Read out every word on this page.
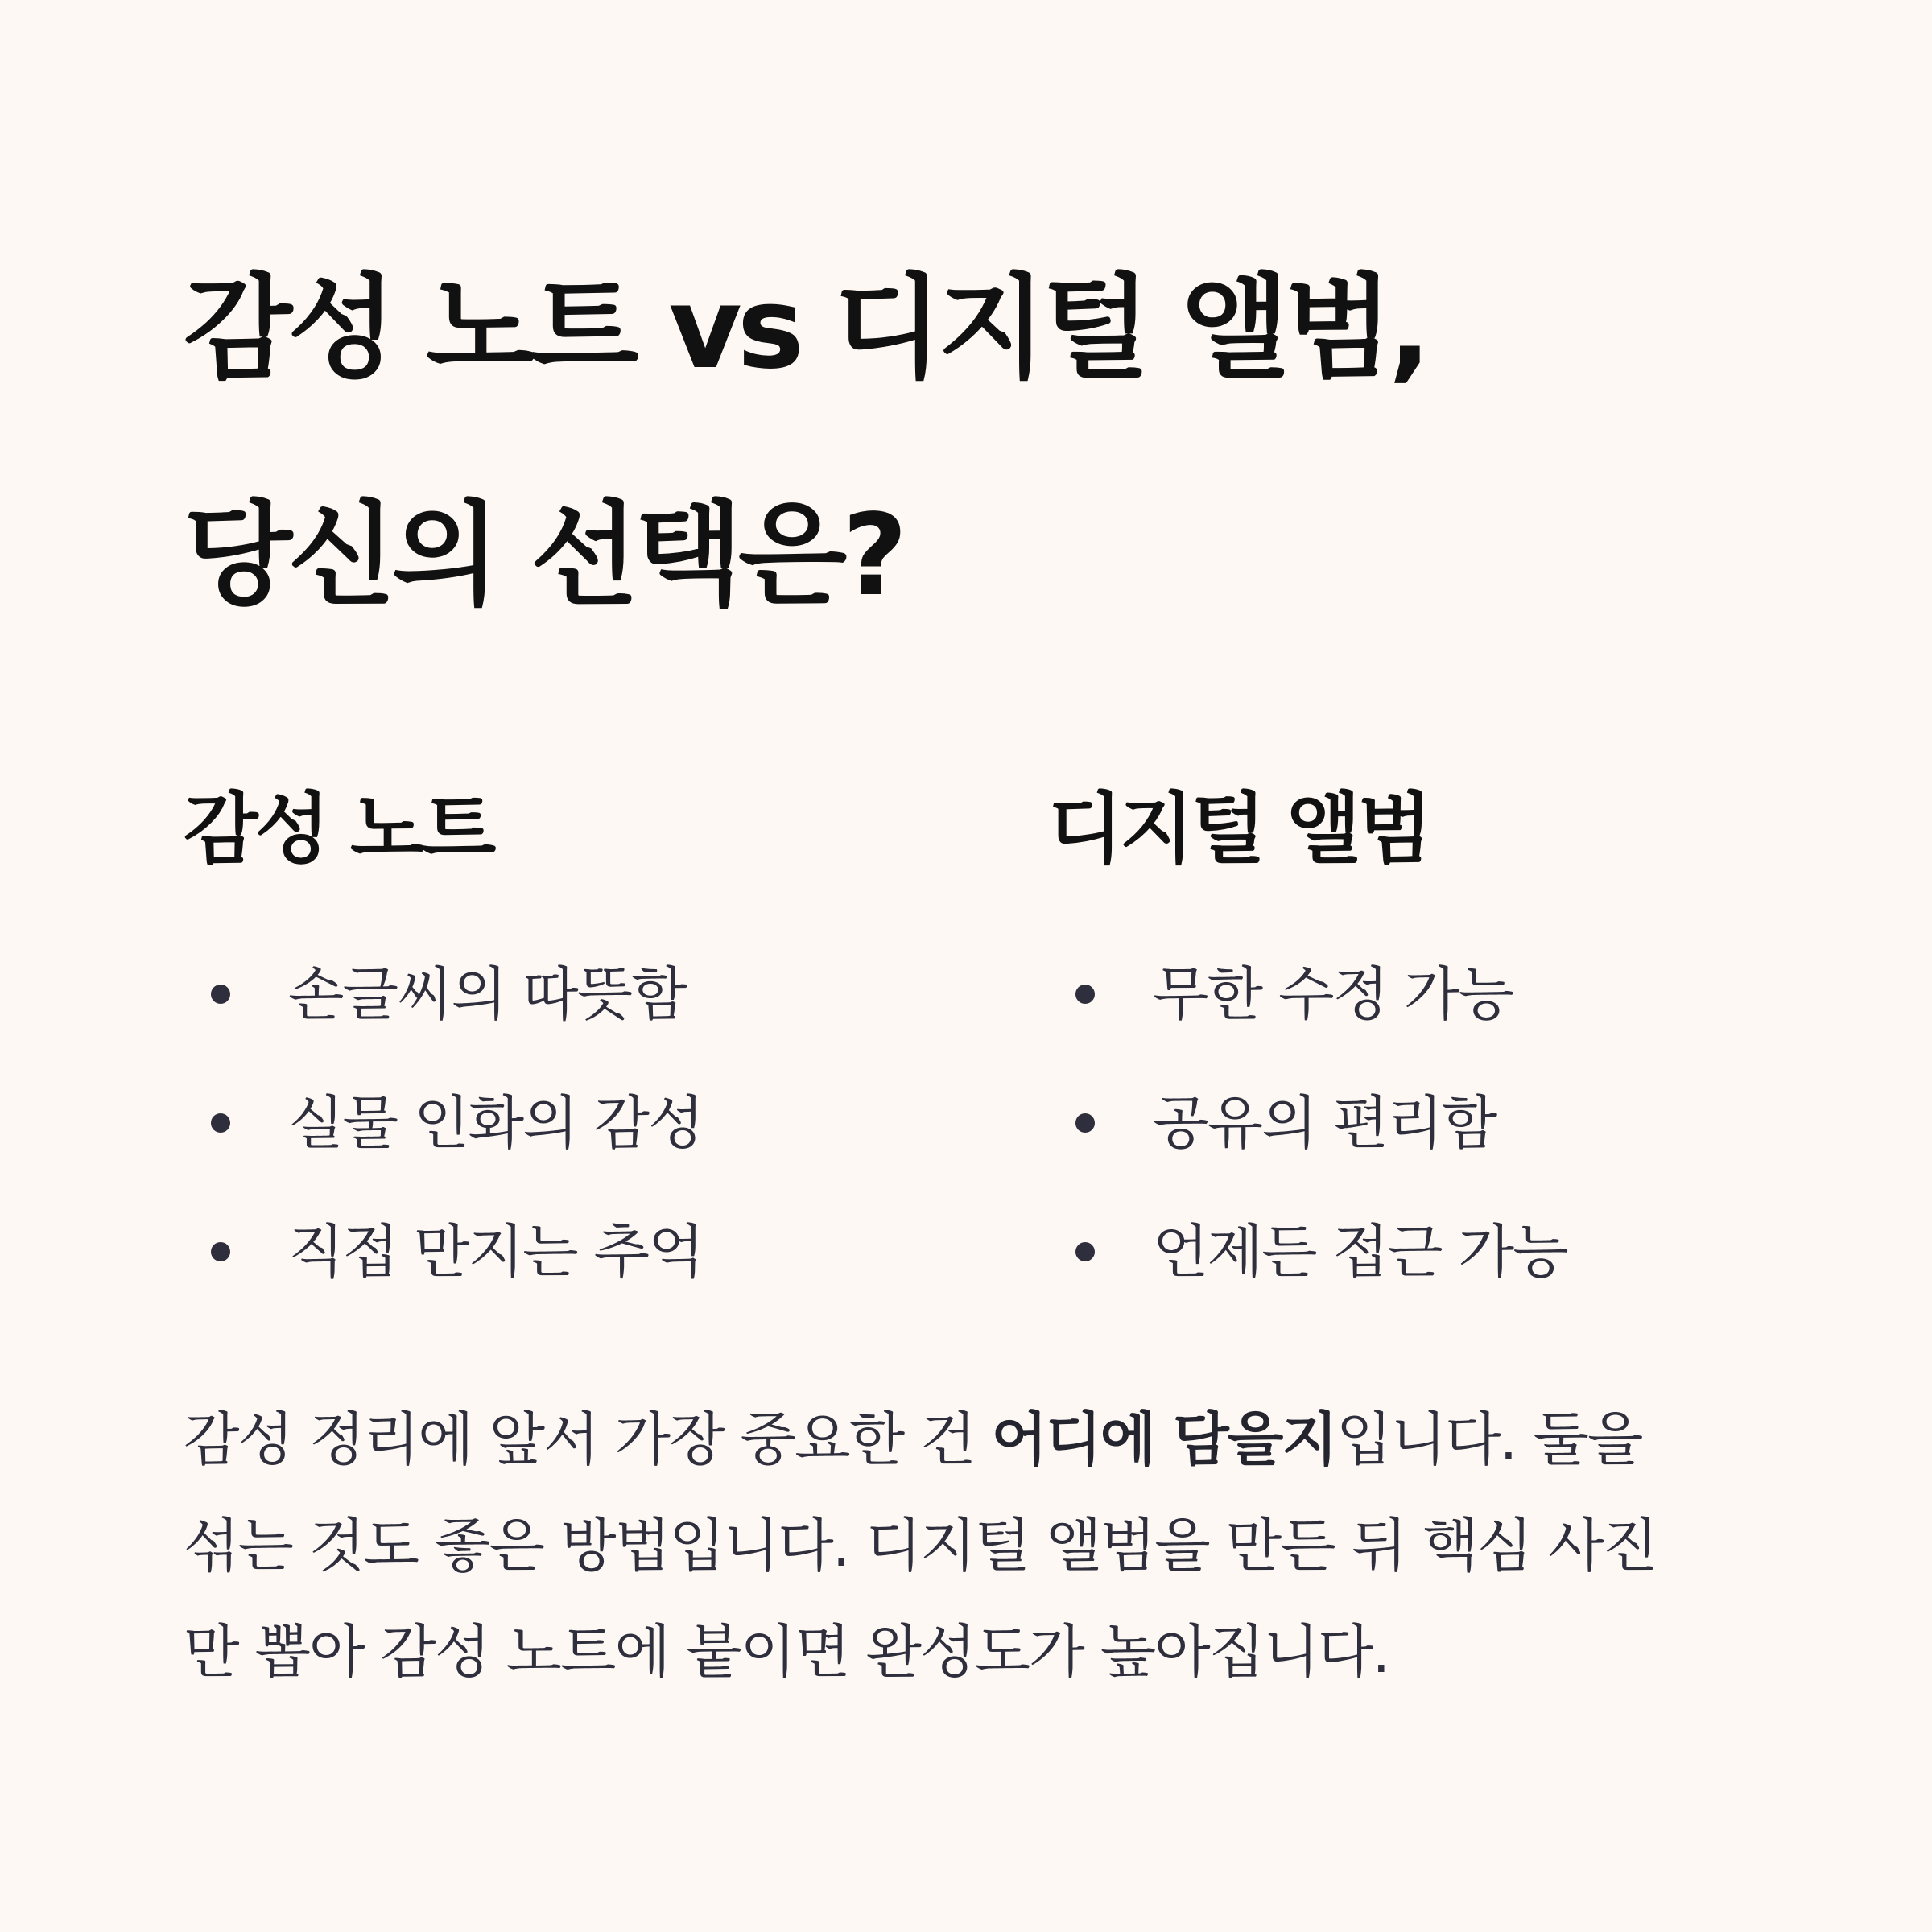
감성 노트 vs 디지털 앨범,
당신의 선택은?
감성 노트
손글씨의 따뜻함
실물 인화의 감성
직접 만지는 추억
디지털 앨범
무한 수정 가능
공유의 편리함
언제든 접근 가능

감성 정리에 앞서 가장 중요한 건 어디에 담을지입니다. 둘을
섞는 것도 좋은 방법입니다. 디지털 앨범을 만든 뒤 핵심 사진
만 뽑아 감성 노트에 붙이면 완성도가 높아집니다.
